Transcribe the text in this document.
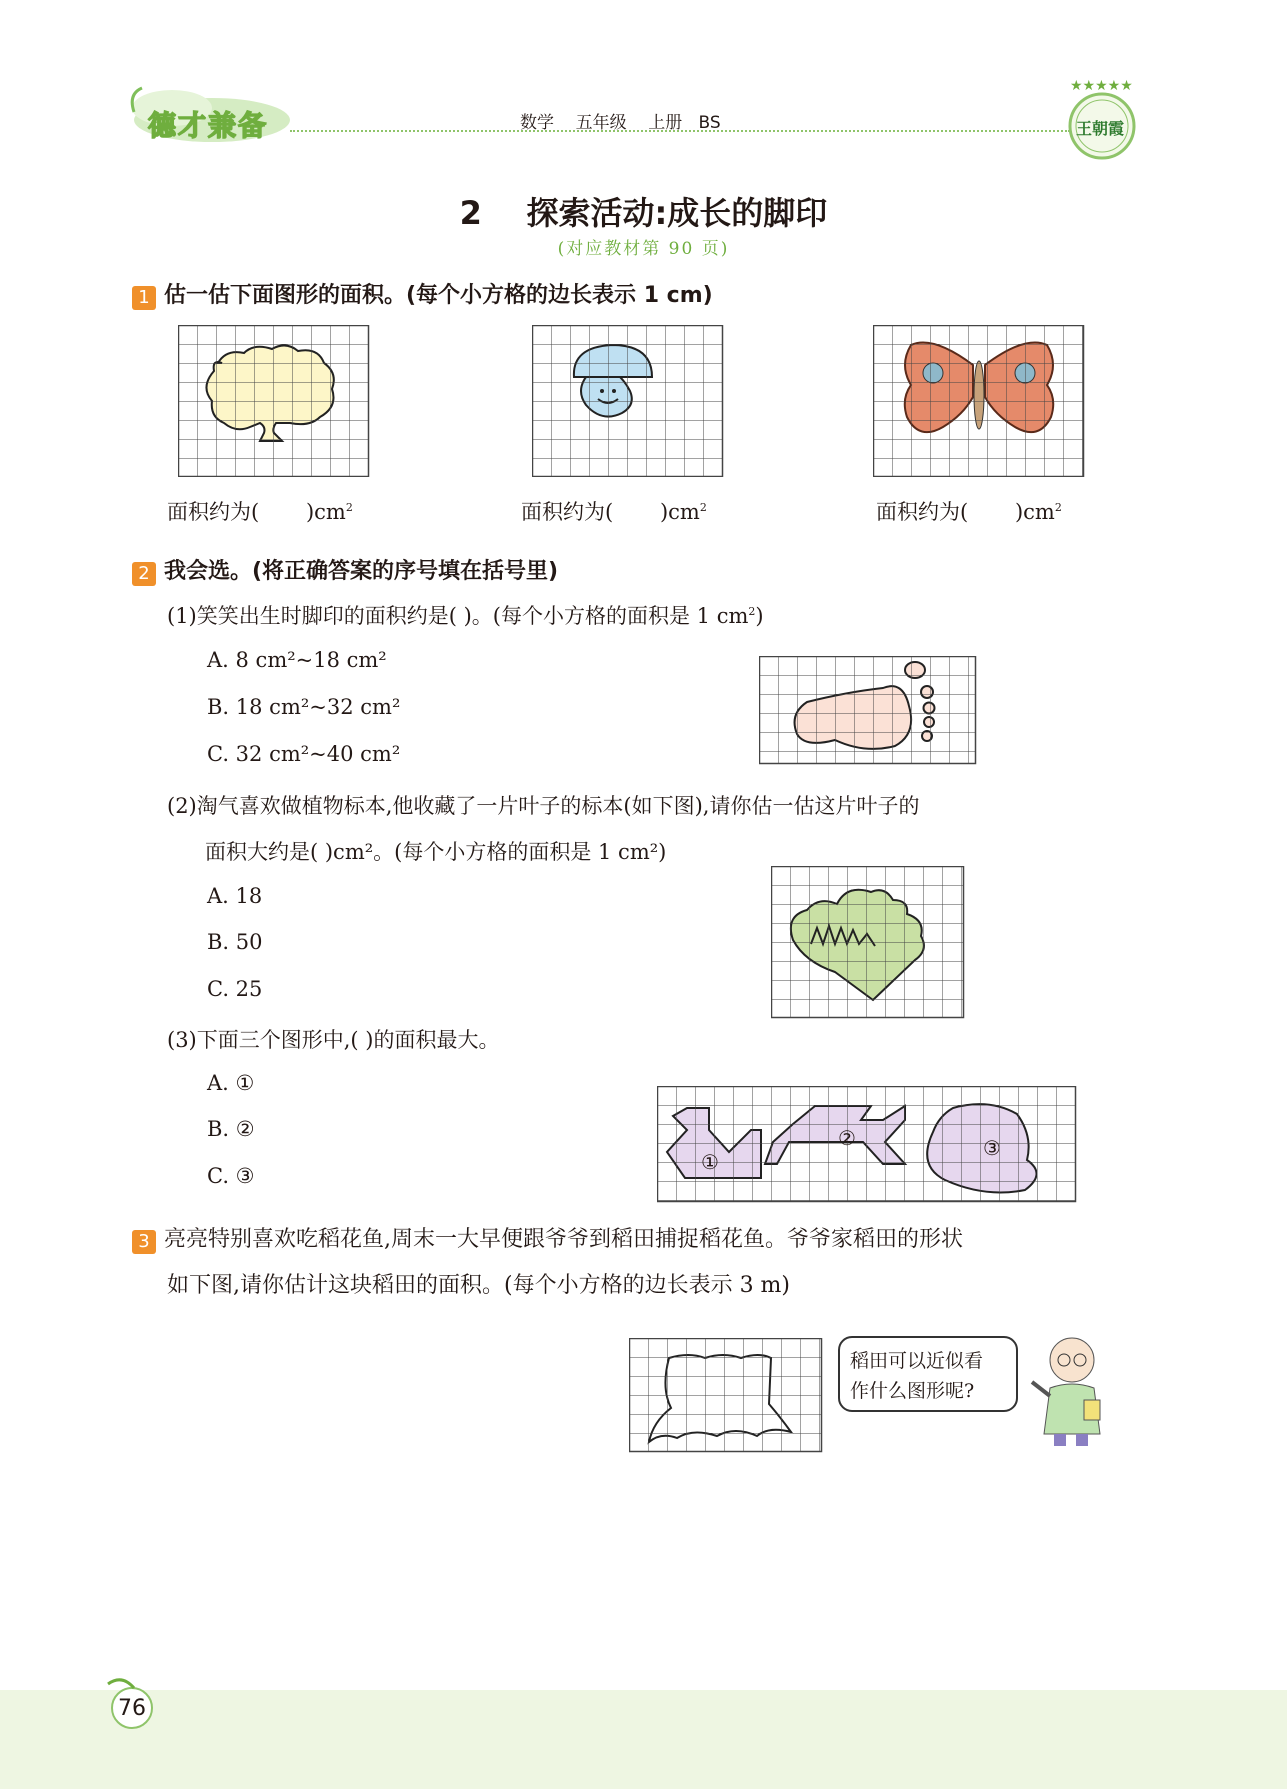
德才兼备	数学 五年级 上册 BS
★★★★★
王朝霞
2 探索活动:成长的脚印
(对应教材第 90 页)
1 估一估下面图形的面积。(每个小方格的边长表示 1 cm)
面积约为( )$cm^2$	面积约为( )$cm^2$	面积约为( )$cm^2$
2 我会选。(将正确答案的序号填在括号里)
(1)笑笑出生时脚印的面积约是( )。(每个小方格的面积是 1 $cm^2$)
A. 8 cm²~18 cm²
B. 18 cm²~32 cm²
C. 32 cm²~40 cm²
(2)淘气喜欢做植物标本,他收藏了一片叶子的标本(如下图),请你估一估这片叶子的
面积大约是( )cm²。(每个小方格的面积是 1 cm²)
A. 18
B. 50
C. 25
(3)下面三个图形中,( )的面积最大。
A. ①
B. ②
C. ③
①
②	③
3 亮亮特别喜欢吃稻花鱼,周末一大早便跟爷爷到稻田捕捉稻花鱼。爷爷家稻田的形状
如下图,请你估计这块稻田的面积。(每个小方格的边长表示 3 m)
稻田可以近似看
作什么图形呢?
76
